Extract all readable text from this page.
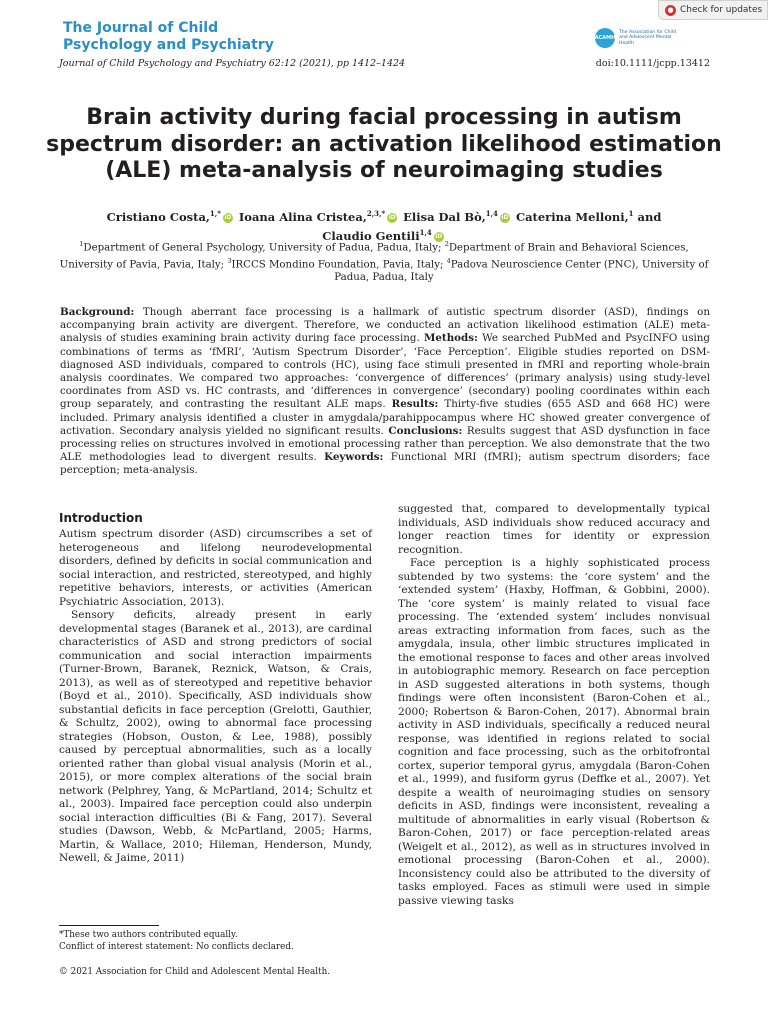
The Journal of Child
Psychology and Psychiatry
● Check for updates
ACAMH
The Association for Child and Adolescent Mental Health
Journal of Child Psychology and Psychiatry 62:12 (2021), pp 1412–1424	doi:10.1111/jcpp.13412
Brain activity during facial processing in autism spectrum disorder: an activation likelihood estimation (ALE) meta-analysis of neuroimaging studies
Cristiano Costa,$^{1,*}$ iD Ioana Alina Cristea,$^{2,3,*}$ iD Elisa Dal Bò,$^{1,4}$ iD Caterina Melloni,$^1$ and
Claudio Gentili$^{1,4}$ iD
$^1$Department of General Psychology, University of Padua, Padua, Italy; $^2$Department of Brain and Behavioral Sciences, University of Pavia, Pavia, Italy; $^3$IRCCS Mondino Foundation, Pavia, Italy; $^4$Padova Neuroscience Center (PNC), University of Padua, Padua, Italy
Background: Though aberrant face processing is a hallmark of autistic spectrum disorder (ASD), findings on accompanying brain activity are divergent. Therefore, we conducted an activation likelihood estimation (ALE) meta-analysis of studies examining brain activity during face processing. Methods: We searched PubMed and PsycINFO using combinations of terms as ‘fMRI’, ‘Autism Spectrum Disorder’, ‘Face Perception’. Eligible studies reported on DSM-diagnosed ASD individuals, compared to controls (HC), using face stimuli presented in fMRI and reporting whole-brain analysis coordinates. We compared two approaches: ‘convergence of differences’ (primary analysis) using study-level coordinates from ASD vs. HC contrasts, and ‘differences in convergence’ (secondary) pooling coordinates within each group separately, and contrasting the resultant ALE maps. Results: Thirty-five studies (655 ASD and 668 HC) were included. Primary analysis identified a cluster in amygdala/parahippocampus where HC showed greater convergence of activation. Secondary analysis yielded no significant results. Conclusions: Results suggest that ASD dysfunction in face processing relies on structures involved in emotional processing rather than perception. We also demonstrate that the two ALE methodologies lead to divergent results. Keywords: Functional MRI (fMRI); autism spectrum disorders; face perception; meta-analysis.
Introduction

Autism spectrum disorder (ASD) circumscribes a set of heterogeneous and lifelong neurodevelopmental disorders, defined by deficits in social communication and social interaction, and restricted, stereotyped, and highly repetitive behaviors, interests, or activities (American Psychiatric Association, 2013).

Sensory deficits, already present in early developmental stages (Baranek et al., 2013), are cardinal characteristics of ASD and strong predictors of social communication and social interaction impairments (Turner-Brown, Baranek, Reznick, Watson, & Crais, 2013), as well as of stereotyped and repetitive behavior (Boyd et al., 2010). Specifically, ASD individuals show substantial deficits in face perception (Grelotti, Gauthier, & Schultz, 2002), owing to abnormal face processing strategies (Hobson, Ouston, & Lee, 1988), possibly caused by perceptual abnormalities, such as a locally oriented rather than global visual analysis (Morin et al., 2015), or more complex alterations of the social brain network (Pelphrey, Yang, & McPartland, 2014; Schultz et al., 2003). Impaired face perception could also underpin social interaction difficulties (Bi & Fang, 2017). Several studies (Dawson, Webb, & McPartland, 2005; Harms, Martin, & Wallace, 2010; Hileman, Henderson, Mundy, Newell, & Jaime, 2011)

suggested that, compared to developmentally typical individuals, ASD individuals show reduced accuracy and longer reaction times for identity or expression recognition.

Face perception is a highly sophisticated process subtended by two systems: the ‘core system’ and the ‘extended system’ (Haxby, Hoffman, & Gobbini, 2000). The ‘core system’ is mainly related to visual face processing. The ‘extended system’ includes nonvisual areas extracting information from faces, such as the amygdala, insula, other limbic structures implicated in the emotional response to faces and other areas involved in autobiographic memory. Research on face perception in ASD suggested alterations in both systems, though findings were often inconsistent (Baron-Cohen et al., 2000; Robertson & Baron-Cohen, 2017). Abnormal brain activity in ASD individuals, specifically a reduced neural response, was identified in regions related to social cognition and face processing, such as the orbitofrontal cortex, superior temporal gyrus, amygdala (Baron-Cohen et al., 1999), and fusiform gyrus (Deffke et al., 2007). Yet despite a wealth of neuroimaging studies on sensory deficits in ASD, findings were inconsistent, revealing a multitude of abnormalities in early visual (Robertson & Baron-Cohen, 2017) or face perception-related areas (Weigelt et al., 2012), as well as in structures involved in emotional processing (Baron-Cohen et al., 2000). Inconsistency could also be attributed to the diversity of tasks employed. Faces as stimuli were used in simple passive viewing tasks

*These two authors contributed equally.
Conflict of interest statement: No conflicts declared.
© 2021 Association for Child and Adolescent Mental Health.
